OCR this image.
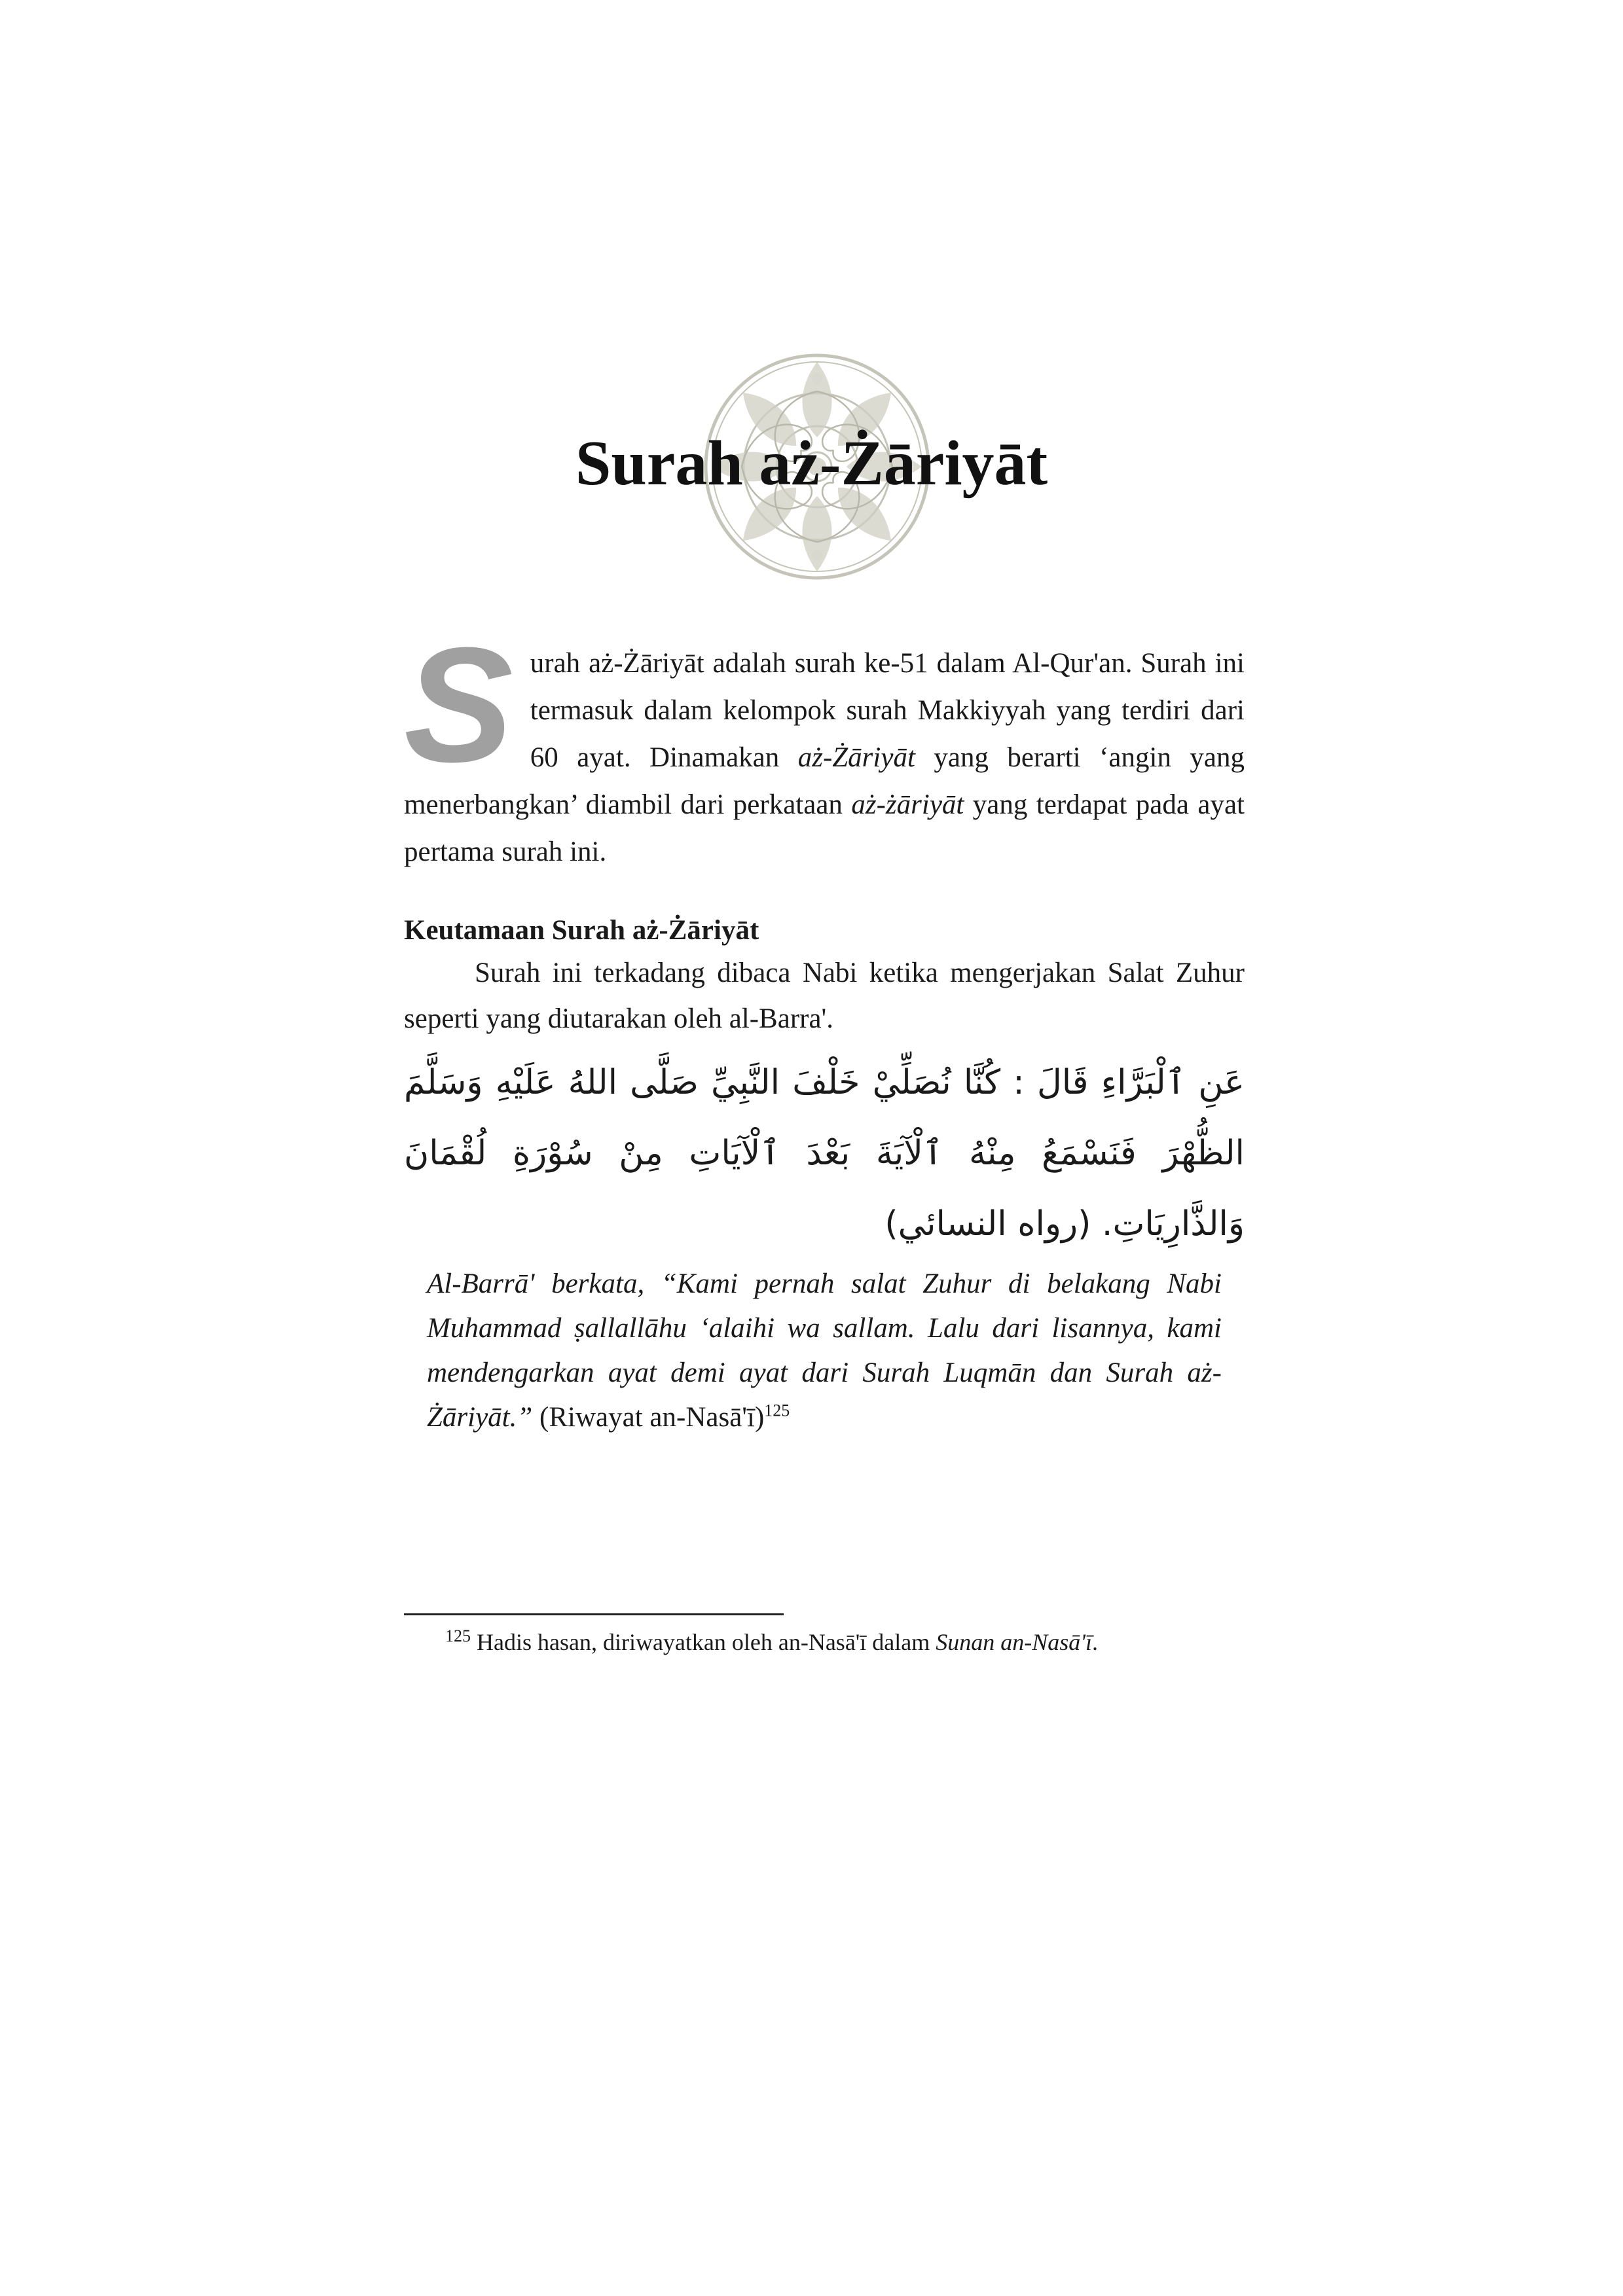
Surah aż-Żāriyāt

Surah aż-Żāriyāt adalah surah ke-51 dalam Al-Qur'an. Surah ini termasuk dalam kelompok surah Makkiyyah yang terdiri dari 60 ayat. Dinamakan aż-Żāriyāt yang berarti ‘angin yang menerbangkan’ diambil dari perkataan aż-żāriyāt yang terdapat pada ayat pertama surah ini.

Keutamaan Surah aż-Żāriyāt

Surah ini terkadang dibaca Nabi ketika mengerjakan Salat Zuhur seperti yang diutarakan oleh al-Barra'.

عَنِ ٱلْبَرَّاءِ قَالَ : كُنَّا نُصَلِّيْ خَلْفَ النَّبِيِّ صَلَّى اللهُ عَلَيْهِ وَسَلَّمَ الظُّهْرَ فَنَسْمَعُ مِنْهُ ٱلْآيَةَ بَعْدَ ٱلْآيَاتِ مِنْ سُوْرَةِ لُقْمَانَ وَالذَّارِيَاتِ. (رواه النسائي)

Al-Barrā' berkata, “Kami pernah salat Zuhur di belakang Nabi Muhammad ṣallallāhu ‘alaihi wa sallam. Lalu dari lisannya, kami mendengarkan ayat demi ayat dari Surah Luqmān dan Surah aż-Żāriyāt.” (Riwayat an-Nasā'ī)$^{125}$

$^{125}$ Hadis hasan, diriwayatkan oleh an-Nasā'ī dalam Sunan an-Nasā'ī.
